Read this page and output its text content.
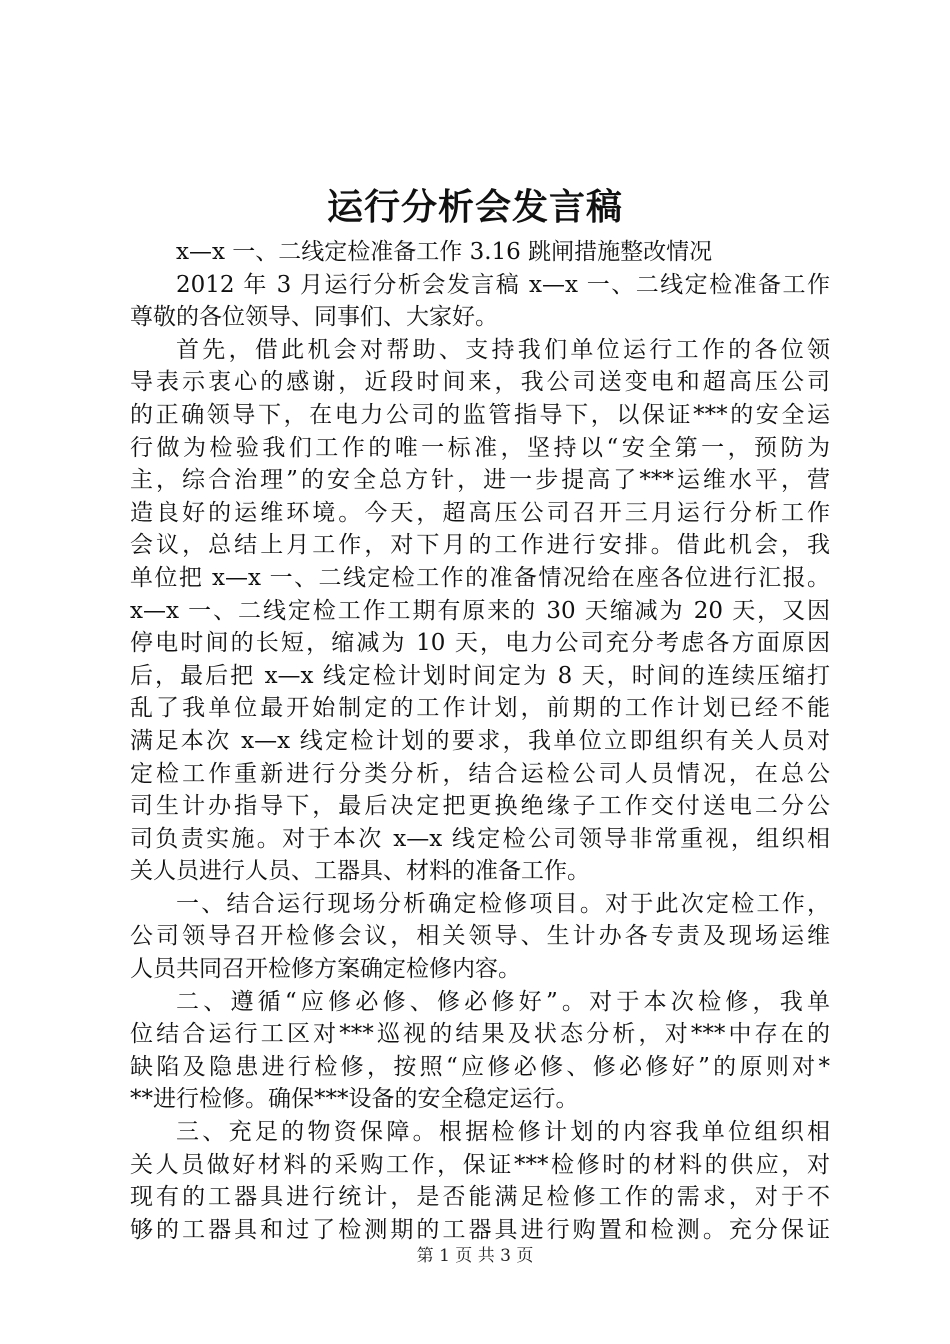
运行分析会发言稿
x—x 一、二线定检准备工作 3.16 跳闸措施整改情况
2012 年 3 月运行分析会发言稿 x—x 一、二线定检准备工作
尊敬的各位领导、同事们、大家好。
首先，借此机会对帮助、支持我们单位运行工作的各位领
导表示衷心的感谢，近段时间来，我公司送变电和超高压公司
的正确领导下，在电力公司的监管指导下，以保证***的安全运
行做为检验我们工作的唯一标准，坚持以“安全第一，预防为
主，综合治理”的安全总方针，进一步提高了***运维水平，营
造良好的运维环境。今天，超高压公司召开三月运行分析工作
会议，总结上月工作，对下月的工作进行安排。借此机会，我
单位把 x—x 一、二线定检工作的准备情况给在座各位进行汇报。
x—x 一、二线定检工作工期有原来的 30 天缩减为 20 天，又因
停电时间的长短，缩减为 10 天，电力公司充分考虑各方面原因
后，最后把 x—x 线定检计划时间定为 8 天，时间的连续压缩打
乱了我单位最开始制定的工作计划，前期的工作计划已经不能
满足本次 x—x 线定检计划的要求，我单位立即组织有关人员对
定检工作重新进行分类分析，结合运检公司人员情况，在总公
司生计办指导下，最后决定把更换绝缘子工作交付送电二分公
司负责实施。对于本次 x—x 线定检公司领导非常重视，组织相
关人员进行人员、工器具、材料的准备工作。
一、结合运行现场分析确定检修项目。对于此次定检工作，
公司领导召开检修会议，相关领导、生计办各专责及现场运维
人员共同召开检修方案确定检修内容。
二、遵循“应修必修、修必修好”。对于本次检修，我单
位结合运行工区对***巡视的结果及状态分析，对***中存在的
缺陷及隐患进行检修，按照“应修必修、修必修好”的原则对*
**进行检修。确保***设备的安全稳定运行。
三、充足的物资保障。根据检修计划的内容我单位组织相
关人员做好材料的采购工作，保证***检修时的材料的供应，对
现有的工器具进行统计，是否能满足检修工作的需求，对于不
够的工器具和过了检测期的工器具进行购置和检测。充分保证
第 1 页 共 3 页
